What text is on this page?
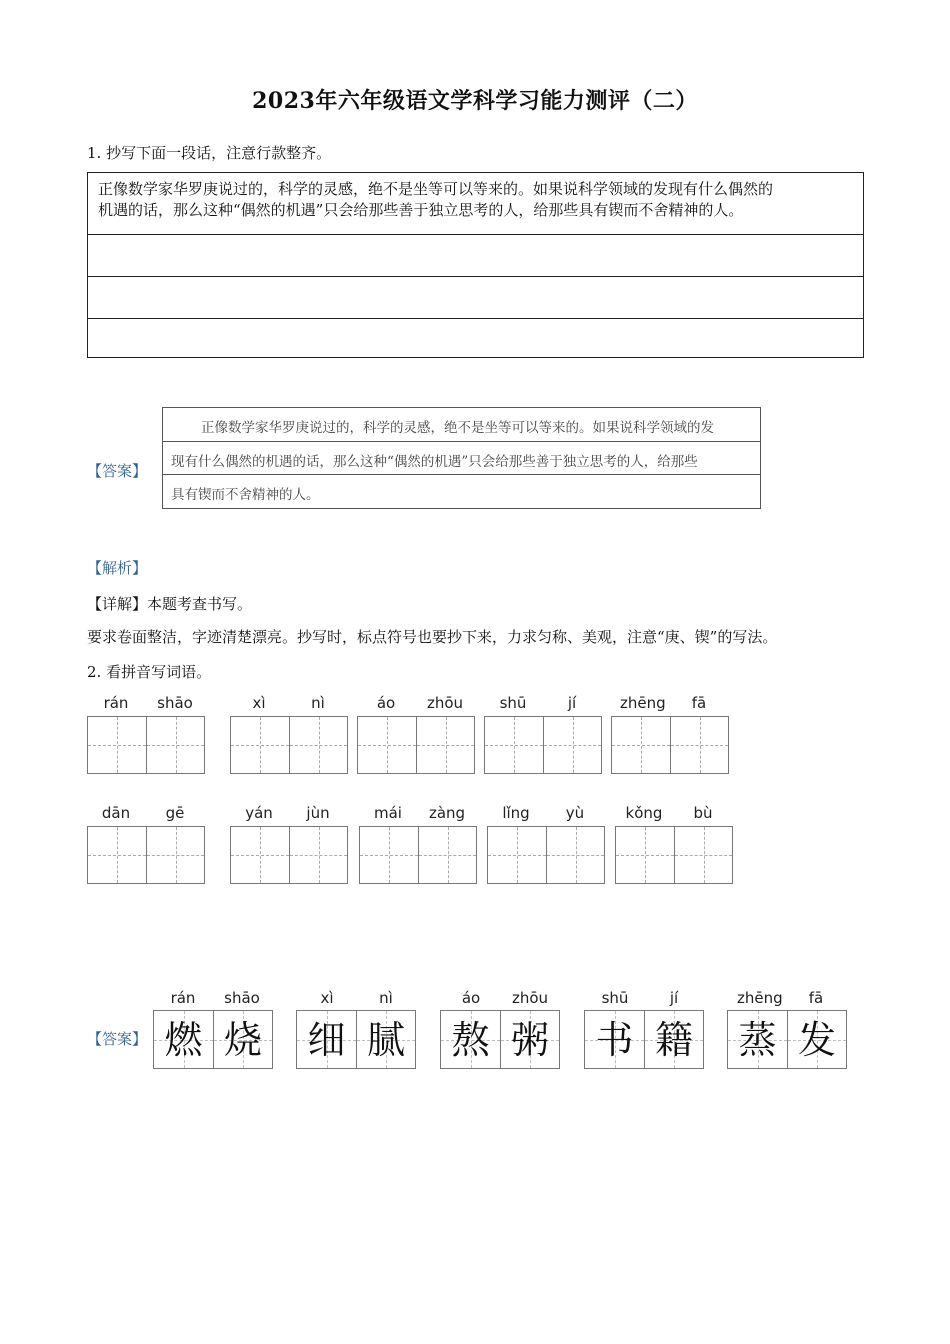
2023年六年级语文学科学习能力测评（二）
1. 抄写下面一段话，注意行款整齐。
正像数学家华罗庚说过的，科学的灵感，绝不是坐等可以等来的。如果说科学领域的发现有什么偶然的
机遇的话，那么这种“偶然的机遇”只会给那些善于独立思考的人，给那些具有锲而不舍精神的人。
【答案】
正像数学家华罗庚说过的，科学的灵感，绝不是坐等可以等来的。如果说科学领域的发
现有什么偶然的机遇的话，那么这种“偶然的机遇”只会给那些善于独立思考的人，给那些
具有锲而不舍精神的人。
【解析】
【详解】本题考查书写。
要求卷面整洁，字迹清楚漂亮。抄写时，标点符号也要抄下来，力求匀称、美观，注意“庚、锲”的写法。
2. 看拼音写词语。
rán	shāo	xì	nì	áo	zhōu	shū	jí	zhēng	fā
dān	gē	yán	jùn	mái	zàng	lǐng	yù	kǒng	bù
【答案】
rán	shāo
燃 烧
xì	nì
细 腻
áo	zhōu
熬 粥
shū	jí
书 籍
zhēng	fā
蒸 发
